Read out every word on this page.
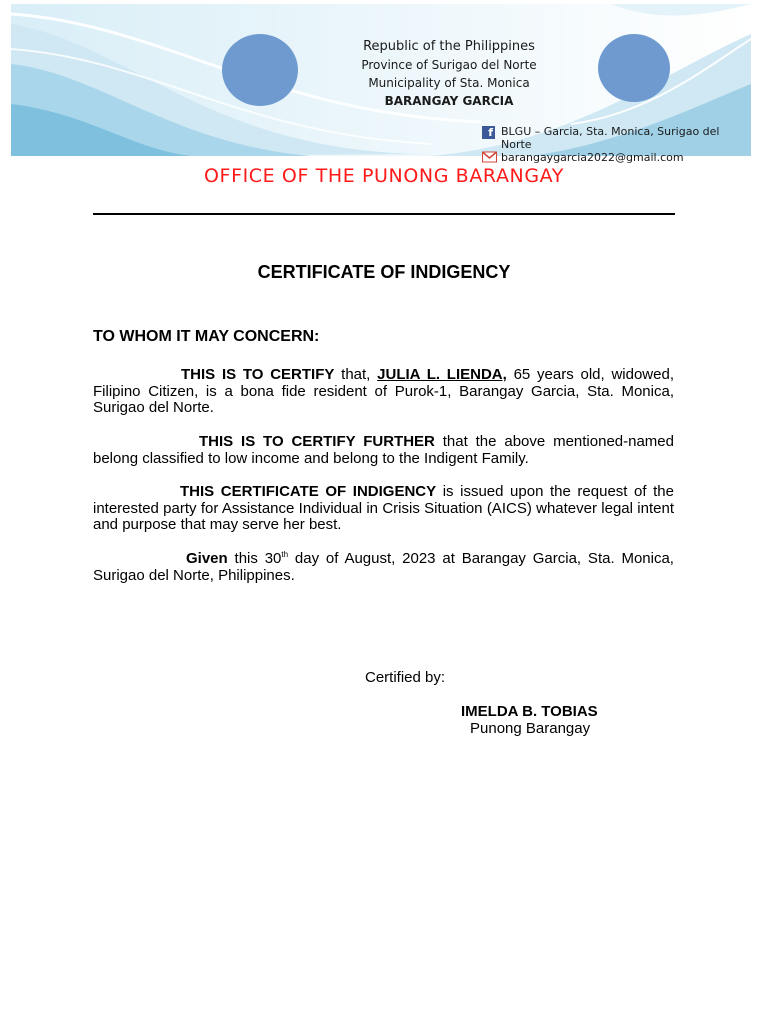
Republic of the Philippines
Province of Surigao del Norte
Municipality of Sta. Monica
BARANGAY GARCIA
f BLGU – Garcia, Sta. Monica, Surigao del Norte
barangaygarcia2022@gmail.com
OFFICE OF THE PUNONG BARANGAY
CERTIFICATE OF INDIGENCY
TO WHOM IT MAY CONCERN:

THIS IS TO CERTIFY that, JULIA L. LIENDA, 65 years old, widowed, Filipino Citizen, is a bona fide resident of Purok-1, Barangay Garcia, Sta. Monica, Surigao del Norte.

THIS IS TO CERTIFY FURTHER that the above mentioned-named belong classified to low income and belong to the Indigent Family.

THIS CERTIFICATE OF INDIGENCY is issued upon the request of the interested party for Assistance Individual in Crisis Situation (AICS) whatever legal intent and purpose that may serve her best.

Given this 30th day of August, 2023 at Barangay Garcia, Sta. Monica, Surigao del Norte, Philippines.

Certified by:
IMELDA B. TOBIAS
Punong Barangay
